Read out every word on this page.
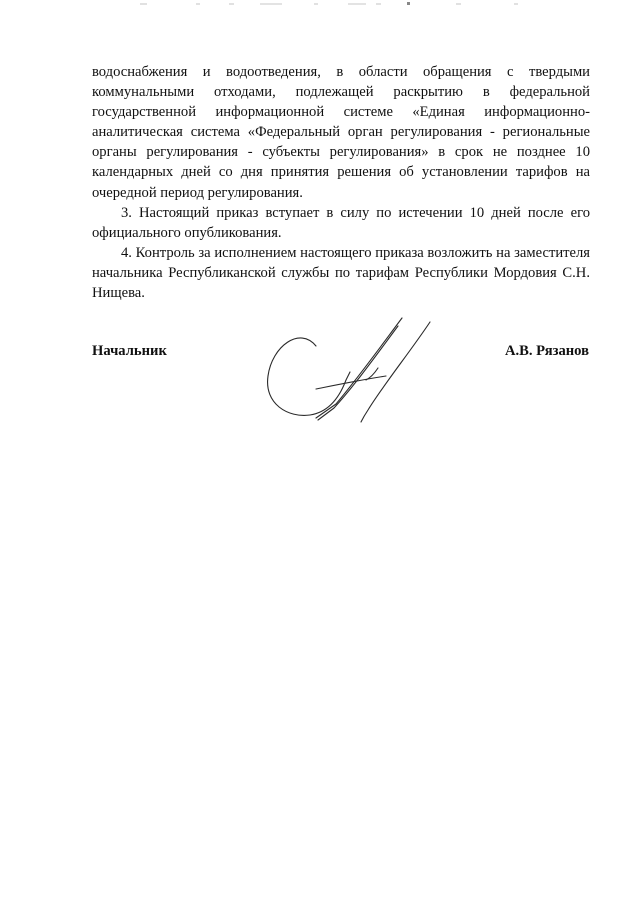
водоснабжения и водоотведения, в области обращения с твердыми коммунальными отходами, подлежащей раскрытию в федеральной государственной информационной системе «Единая информационно-аналитическая система «Федеральный орган регулирования - региональные органы регулирования - субъекты регулирования» в срок не позднее 10 календарных дней со дня принятия решения об установлении тарифов на очередной период регулирования.

3. Настоящий приказ вступает в силу по истечении 10 дней после его официального опубликования.

4. Контроль за исполнением настоящего приказа возложить на заместителя начальника Республиканской службы по тарифам Республики Мордовия С.Н. Нищева.

Начальник	А.В. Рязанов
